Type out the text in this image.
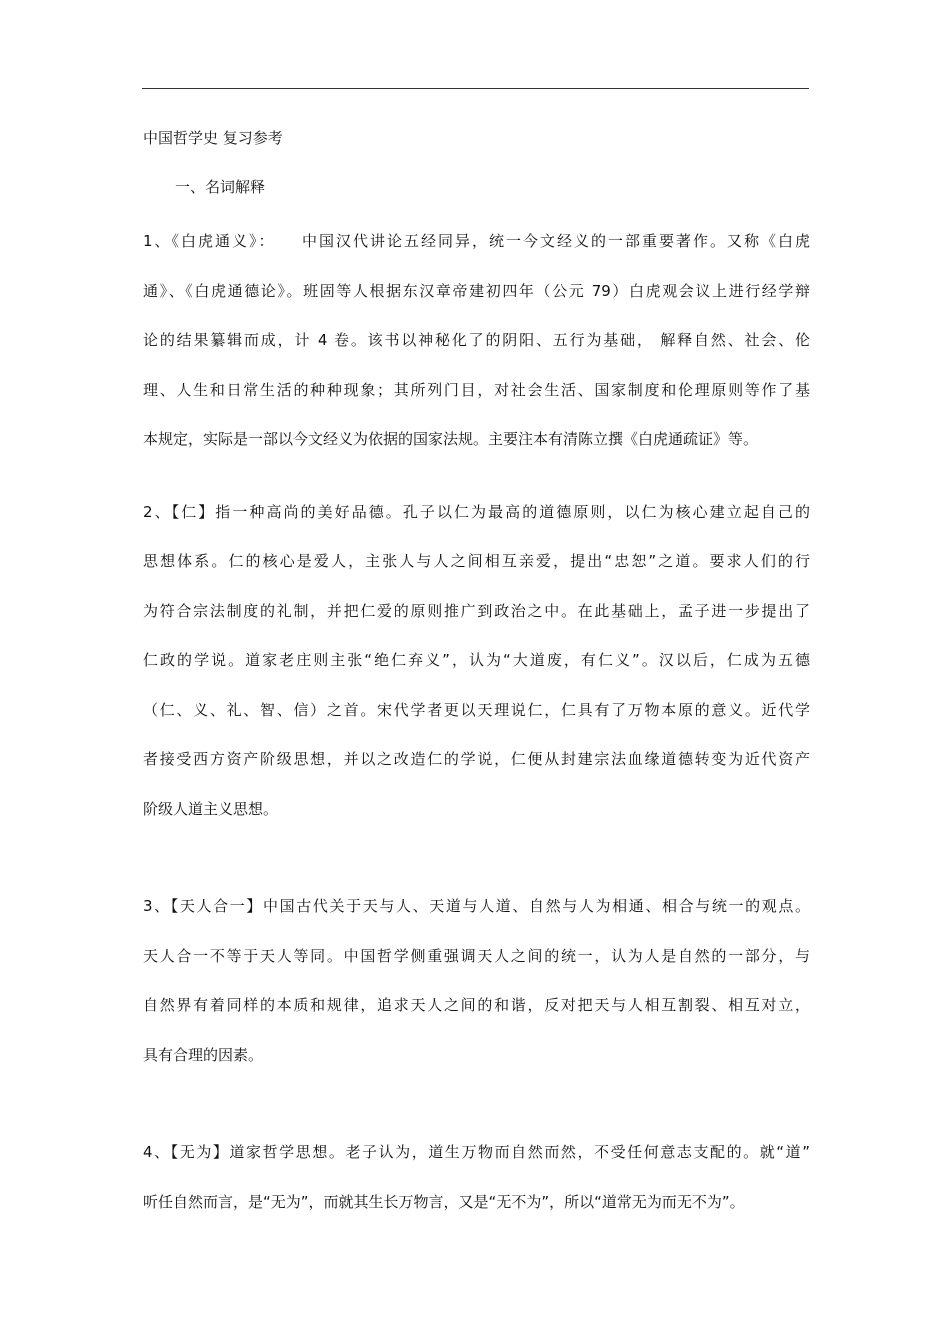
中国哲学史 复习参考
一、名词解释
1、《白虎通义》：　　中国汉代讲论五经同异，统一今文经义的一部重要著作。又称《白虎
通》、《白虎通德论》。班固等人根据东汉章帝建初四年（公元 79）白虎观会议上进行经学辩
论的结果纂辑而成，计 4 卷。该书以神秘化了的阴阳、五行为基础， 解释自然、社会、伦
理、人生和日常生活的种种现象；其所列门目，对社会生活、国家制度和伦理原则等作了基
本规定，实际是一部以今文经义为依据的国家法规。主要注本有清陈立撰《白虎通疏证》等。
2、【仁】指一种高尚的美好品德。孔子以仁为最高的道德原则，以仁为核心建立起自己的
思想体系。仁的核心是爱人，主张人与人之间相互亲爱，提出“忠恕”之道。要求人们的行
为符合宗法制度的礼制，并把仁爱的原则推广到政治之中。在此基础上，孟子进一步提出了
仁政的学说。道家老庄则主张“绝仁弃义”，认为“大道废，有仁义”。汉以后，仁成为五德
（仁、义、礼、智、信）之首。宋代学者更以天理说仁，仁具有了万物本原的意义。近代学
者接受西方资产阶级思想，并以之改造仁的学说，仁便从封建宗法血缘道德转变为近代资产
阶级人道主义思想。
3、【天人合一】中国古代关于天与人、天道与人道、自然与人为相通、相合与统一的观点。
天人合一不等于天人等同。中国哲学侧重强调天人之间的统一，认为人是自然的一部分，与
自然界有着同样的本质和规律，追求天人之间的和谐，反对把天与人相互割裂、相互对立，
具有合理的因素。
4、【无为】道家哲学思想。老子认为，道生万物而自然而然，不受任何意志支配的。就“道”
听任自然而言，是“无为”，而就其生长万物言，又是“无不为”，所以“道常无为而无不为”。
